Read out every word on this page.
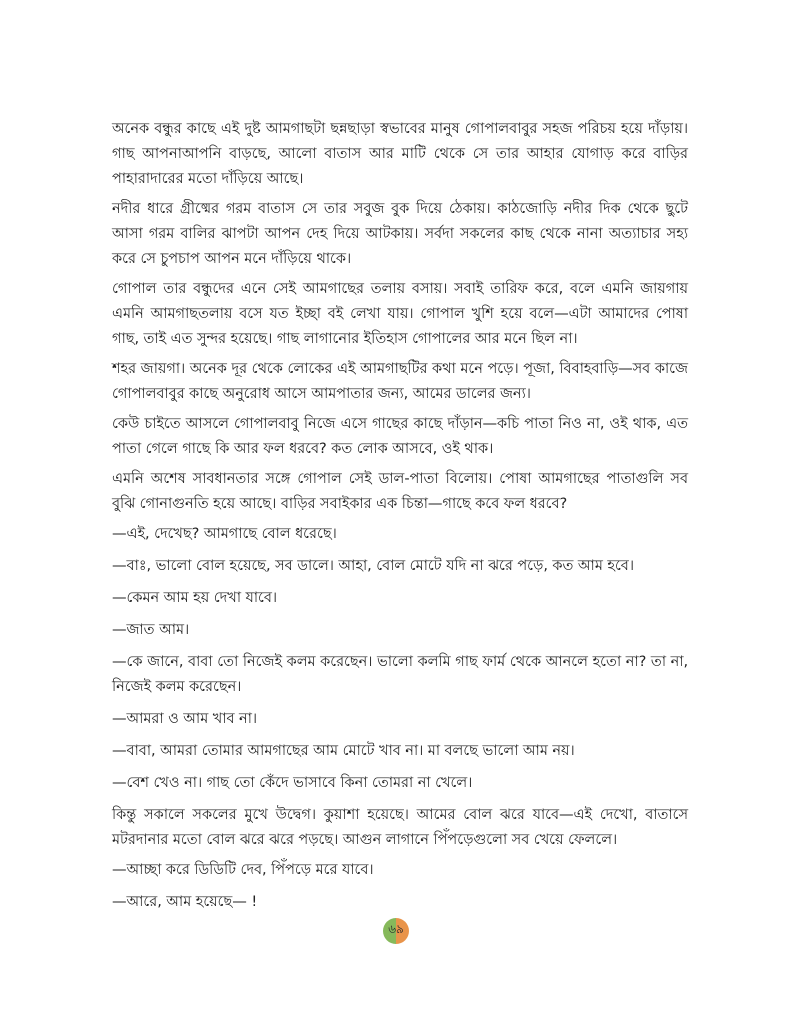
অনেক বন্ধুর কাছে এই দুষ্ট আমগাছটা ছন্নছাড়া স্বভাবের মানুষ গোপালবাবুর সহজ পরিচয় হয়ে দাঁড়ায়। গাছ আপনাআপনি বাড়ছে, আলো বাতাস আর মাটি থেকে সে তার আহার যোগাড় করে বাড়ির পাহারাদারের মতো দাঁড়িয়ে আছে।

নদীর ধারে গ্রীষ্মের গরম বাতাস সে তার সবুজ বুক দিয়ে ঠেকায়। কাঠজোড়ি নদীর দিক থেকে ছুটে আসা গরম বালির ঝাপটা আপন দেহ দিয়ে আটকায়। সর্বদা সকলের কাছ থেকে নানা অত্যাচার সহ্য করে সে চুপচাপ আপন মনে দাঁড়িয়ে থাকে।

গোপাল তার বন্ধুদের এনে সেই আমগাছের তলায় বসায়। সবাই তারিফ করে, বলে এমনি জায়গায় এমনি আমগাছতলায় বসে যত ইচ্ছা বই লেখা যায়। গোপাল খুশি হয়ে বলে—এটা আমাদের পোষা গাছ, তাই এত সুন্দর হয়েছে। গাছ লাগানোর ইতিহাস গোপালের আর মনে ছিল না।

শহর জায়গা। অনেক দূর থেকে লোকের এই আমগাছটির কথা মনে পড়ে। পূজা, বিবাহবাড়ি—সব কাজে গোপালবাবুর কাছে অনুরোধ আসে আমপাতার জন্য, আমের ডালের জন্য।

কেউ চাইতে আসলে গোপালবাবু নিজে এসে গাছের কাছে দাঁড়ান—কচি পাতা নিও না, ওই থাক, এত পাতা গেলে গাছে কি আর ফল ধরবে? কত লোক আসবে, ওই থাক।

এমনি অশেষ সাবধানতার সঙ্গে গোপাল সেই ডাল-পাতা বিলোয়। পোষা আমগাছের পাতাগুলি সব বুঝি গোনাগুনতি হয়ে আছে। বাড়ির সবাইকার এক চিন্তা—গাছে কবে ফল ধরবে?

—এই, দেখেছ? আমগাছে বোল ধরেছে।

—বাঃ, ভালো বোল হয়েছে, সব ডালে। আহা, বোল মোটে যদি না ঝরে পড়ে, কত আম হবে।

—কেমন আম হয় দেখা যাবে।

—জাত আম।

—কে জানে, বাবা তো নিজেই কলম করেছেন। ভালো কলমি গাছ ফার্ম থেকে আনলে হতো না? তা না, নিজেই কলম করেছেন।

—আমরা ও আম খাব না।

—বাবা, আমরা তোমার আমগাছের আম মোটে খাব না। মা বলছে ভালো আম নয়।

—বেশ খেও না। গাছ তো কেঁদে ভাসাবে কিনা তোমরা না খেলে।

কিন্তু সকালে সকলের মুখে উদ্বেগ। কুয়াশা হয়েছে। আমের বোল ঝরে যাবে—এই দেখো, বাতাসে মটরদানার মতো বোল ঝরে ঝরে পড়ছে। আগুন লাগানে পিঁপড়েগুলো সব খেয়ে ফেললে।

—আচ্ছা করে ডিডিটি দেব, পিঁপড়ে মরে যাবে।

—আরে, আম হয়েছে— !

৬৯
